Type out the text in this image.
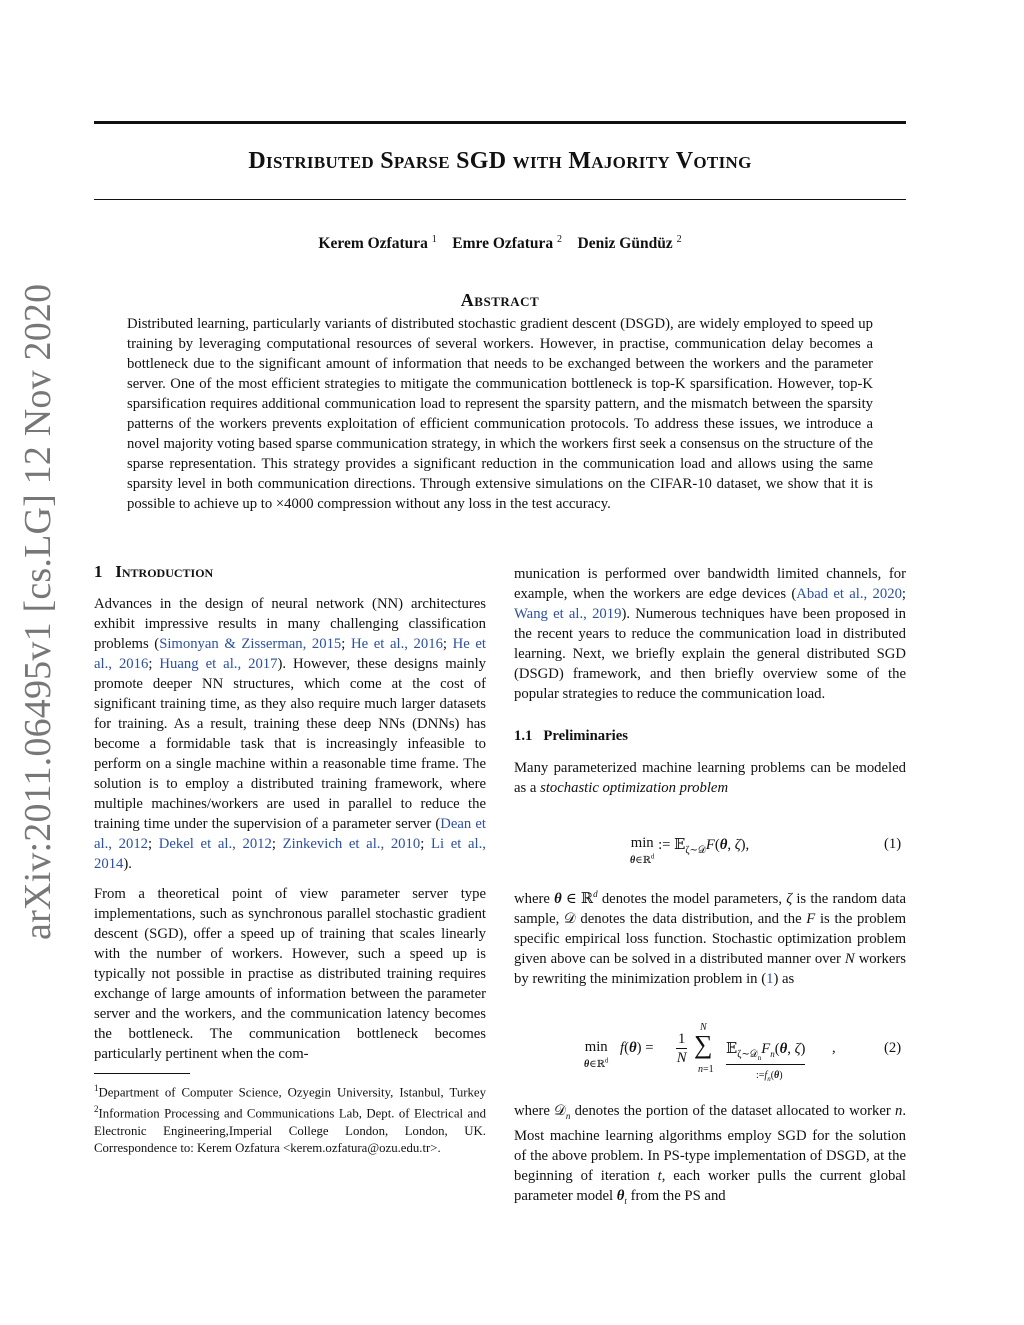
arXiv:2011.06495v1 [cs.LG] 12 Nov 2020
Distributed Sparse SGD with Majority Voting
Kerem Ozfatura $^1$ Emre Ozfatura $^2$ Deniz Gündüz $^2$
Abstract
Distributed learning, particularly variants of distributed stochastic gradient descent (DSGD), are widely employed to speed up training by leveraging computational resources of several workers. However, in practise, communication delay becomes a bottleneck due to the significant amount of information that needs to be exchanged between the workers and the parameter server. One of the most efficient strategies to mitigate the communication bottleneck is top-K sparsification. However, top-K sparsification requires additional communication load to represent the sparsity pattern, and the mismatch between the sparsity patterns of the workers prevents exploitation of efficient communication protocols. To address these issues, we introduce a novel majority voting based sparse communication strategy, in which the workers first seek a consensus on the structure of the sparse representation. This strategy provides a significant reduction in the communication load and allows using the same sparsity level in both communication directions. Through extensive simulations on the CIFAR-10 dataset, we show that it is possible to achieve up to ×4000 compression without any loss in the test accuracy.
1 Introduction

Advances in the design of neural network (NN) architectures exhibit impressive results in many challenging classification problems (Simonyan & Zisserman, 2015; He et al., 2016; He et al., 2016; Huang et al., 2017). However, these designs mainly promote deeper NN structures, which come at the cost of significant training time, as they also require much larger datasets for training. As a result, training these deep NNs (DNNs) has become a formidable task that is increasingly infeasible to perform on a single machine within a reasonable time frame. The solution is to employ a distributed training framework, where multiple machines/workers are used in parallel to reduce the training time under the supervision of a parameter server (Dean et al., 2012; Dekel et al., 2012; Zinkevich et al., 2010; Li et al., 2014).

From a theoretical point of view parameter server type implementations, such as synchronous parallel stochastic gradient descent (SGD), offer a speed up of training that scales linearly with the number of workers. However, such a speed up is typically not possible in practise as distributed training requires exchange of large amounts of information between the parameter server and the workers, and the communication latency becomes the bottleneck. The communication bottleneck becomes particularly pertinent when the com-

$^1$Department of Computer Science, Ozyegin University, Istanbul, Turkey $^2$Information Processing and Communications Lab, Dept. of Electrical and Electronic Engineering,Imperial College London, London, UK. Correspondence to: Kerem Ozfatura <kerem.ozfatura@ozu.edu.tr>.

munication is performed over bandwidth limited channels, for example, when the workers are edge devices (Abad et al., 2020; Wang et al., 2019). Numerous techniques have been proposed in the recent years to reduce the communication load in distributed learning. Next, we briefly explain the general distributed SGD (DSGD) framework, and then briefly overview some of the popular strategies to reduce the communication load.

1.1 Preliminaries

Many parameterized machine learning problems can be modeled as a stochastic optimization problem

min
θ∈ℝ$^d$ := 𝔼$_{\zeta\sim 𝒟}$F(θ, ζ),	(1)
where θ ∈ ℝ$^d$ denotes the model parameters, ζ is the random data sample, 𝒟 denotes the data distribution, and the F is the problem specific empirical loss function. Stochastic optimization problem given above can be solved in a distributed manner over N workers by rewriting the minimization problem in (1) as
min
θ∈ℝ$^d$
$f(\theta) = \frac{1}{N}$
N
∑
n=1
$𝔼_{\zeta\sim 𝒟_n}F_n(\theta$, ζ) ,
$:=f_n(\theta)$
(2)
where 𝒟$_n$ denotes the portion of the dataset allocated to worker n. Most machine learning algorithms employ SGD for the solution of the above problem. In PS-type implementation of DSGD, at the beginning of iteration t, each worker pulls the current global parameter model $\theta_t$ from the PS and
